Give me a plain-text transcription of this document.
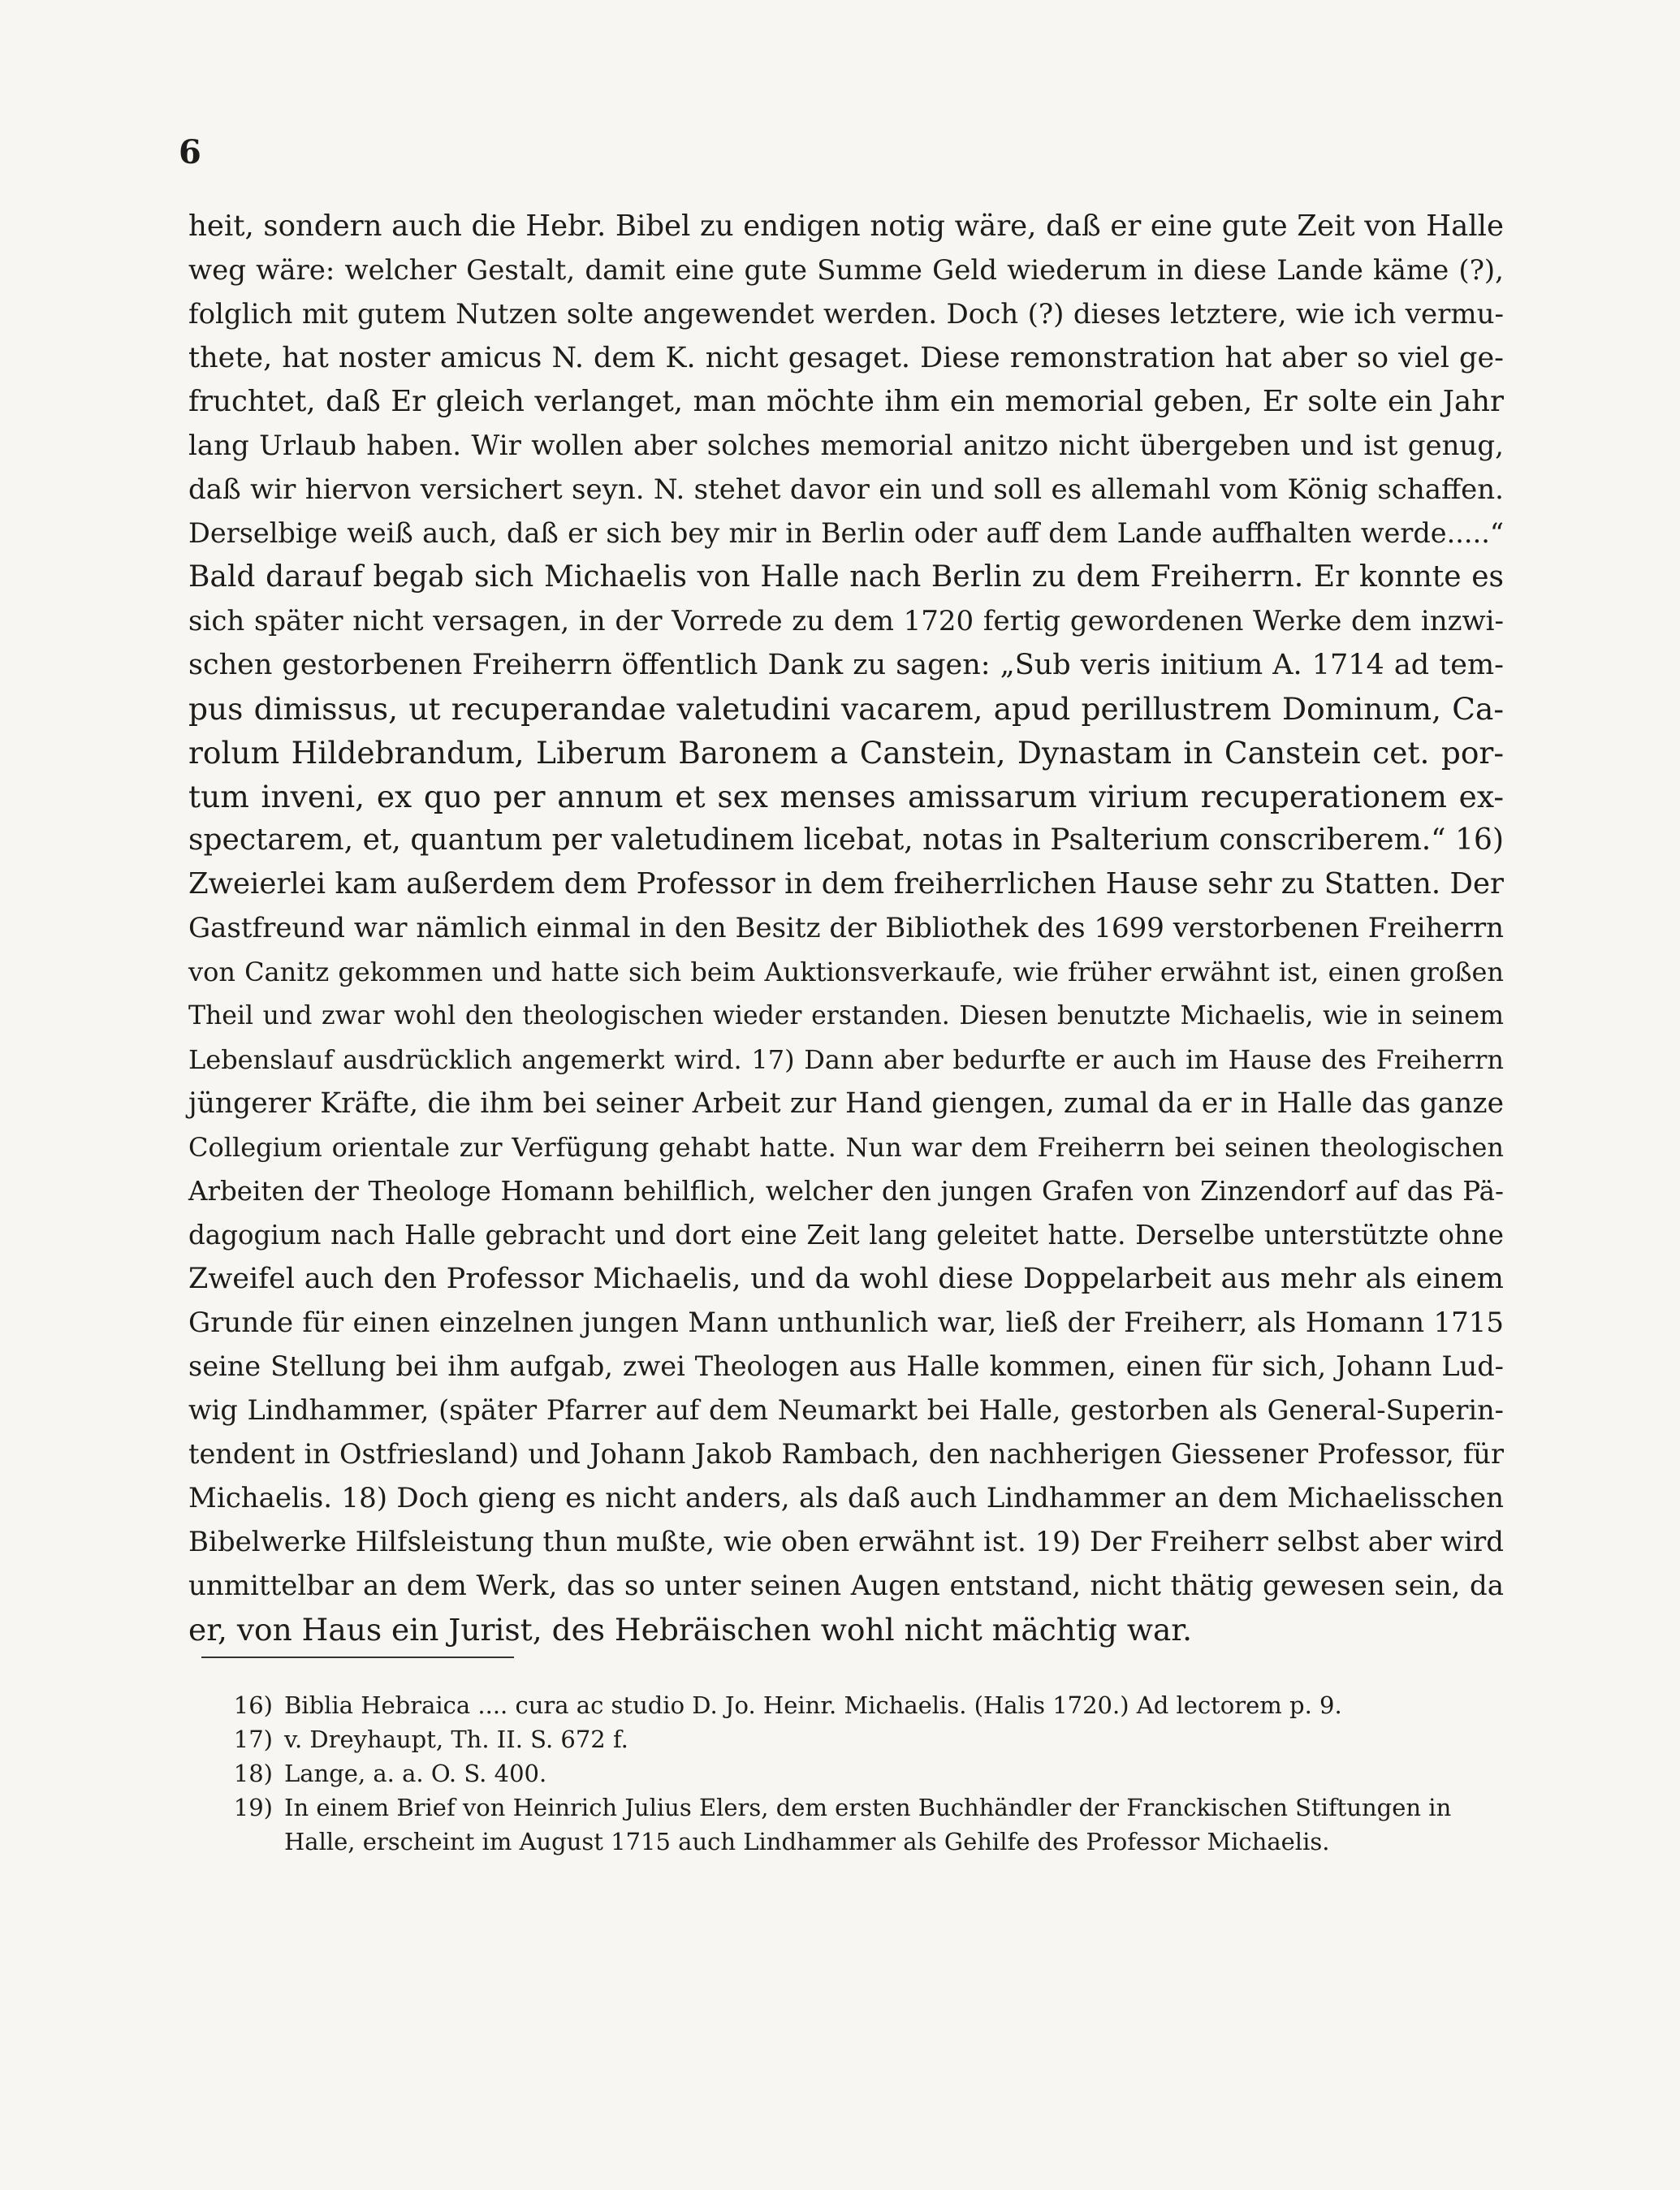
6
heit, sondern auch die Hebr. Bibel zu endigen notig wäre, daß er eine gute Zeit von Halle
weg wäre: welcher Gestalt, damit eine gute Summe Geld wiederum in diese Lande käme (?),
folglich mit gutem Nutzen solte angewendet werden. Doch (?) dieses letztere, wie ich vermu-
thete, hat noster amicus N. dem K. nicht gesaget. Diese remonstration hat aber so viel ge-
fruchtet, daß Er gleich verlanget, man möchte ihm ein memorial geben, Er solte ein Jahr
lang Urlaub haben. Wir wollen aber solches memorial anitzo nicht übergeben und ist genug,
daß wir hiervon versichert seyn. N. stehet davor ein und soll es allemahl vom König schaffen.
Derselbige weiß auch, daß er sich bey mir in Berlin oder auff dem Lande auffhalten werde.....“
Bald darauf begab sich Michaelis von Halle nach Berlin zu dem Freiherrn. Er konnte es
sich später nicht versagen, in der Vorrede zu dem 1720 fertig gewordenen Werke dem inzwi-
schen gestorbenen Freiherrn öffentlich Dank zu sagen: „Sub veris initium A. 1714 ad tem-
pus dimissus, ut recuperandae valetudini vacarem, apud perillustrem Dominum, Ca-
rolum Hildebrandum, Liberum Baronem a Canstein, Dynastam in Canstein cet. por-
tum inveni, ex quo per annum et sex menses amissarum virium recuperationem ex-
spectarem, et, quantum per valetudinem licebat, notas in Psalterium conscriberem.“ 16)
Zweierlei kam außerdem dem Professor in dem freiherrlichen Hause sehr zu Statten. Der
Gastfreund war nämlich einmal in den Besitz der Bibliothek des 1699 verstorbenen Freiherrn
von Canitz gekommen und hatte sich beim Auktionsverkaufe, wie früher erwähnt ist, einen großen
Theil und zwar wohl den theologischen wieder erstanden. Diesen benutzte Michaelis, wie in seinem
Lebenslauf ausdrücklich angemerkt wird. 17) Dann aber bedurfte er auch im Hause des Freiherrn
jüngerer Kräfte, die ihm bei seiner Arbeit zur Hand giengen, zumal da er in Halle das ganze
Collegium orientale zur Verfügung gehabt hatte. Nun war dem Freiherrn bei seinen theologischen
Arbeiten der Theologe Homann behilflich, welcher den jungen Grafen von Zinzendorf auf das Pä-
dagogium nach Halle gebracht und dort eine Zeit lang geleitet hatte. Derselbe unterstützte ohne
Zweifel auch den Professor Michaelis, und da wohl diese Doppelarbeit aus mehr als einem
Grunde für einen einzelnen jungen Mann unthunlich war, ließ der Freiherr, als Homann 1715
seine Stellung bei ihm aufgab, zwei Theologen aus Halle kommen, einen für sich, Johann Lud-
wig Lindhammer, (später Pfarrer auf dem Neumarkt bei Halle, gestorben als General-Superin-
tendent in Ostfriesland) und Johann Jakob Rambach, den nachherigen Giessener Professor, für
Michaelis. 18) Doch gieng es nicht anders, als daß auch Lindhammer an dem Michaelisschen
Bibelwerke Hilfsleistung thun mußte, wie oben erwähnt ist. 19) Der Freiherr selbst aber wird
unmittelbar an dem Werk, das so unter seinen Augen entstand, nicht thätig gewesen sein, da
er, von Haus ein Jurist, des Hebräischen wohl nicht mächtig war.
16) Biblia Hebraica .... cura ac studio D. Jo. Heinr. Michaelis. (Halis 1720.) Ad lectorem p. 9.
17) v. Dreyhaupt, Th. II. S. 672 f.
18) Lange, a. a. O. S. 400.
19) In einem Brief von Heinrich Julius Elers, dem ersten Buchhändler der Franckischen Stiftungen in
Halle, erscheint im August 1715 auch Lindhammer als Gehilfe des Professor Michaelis.
